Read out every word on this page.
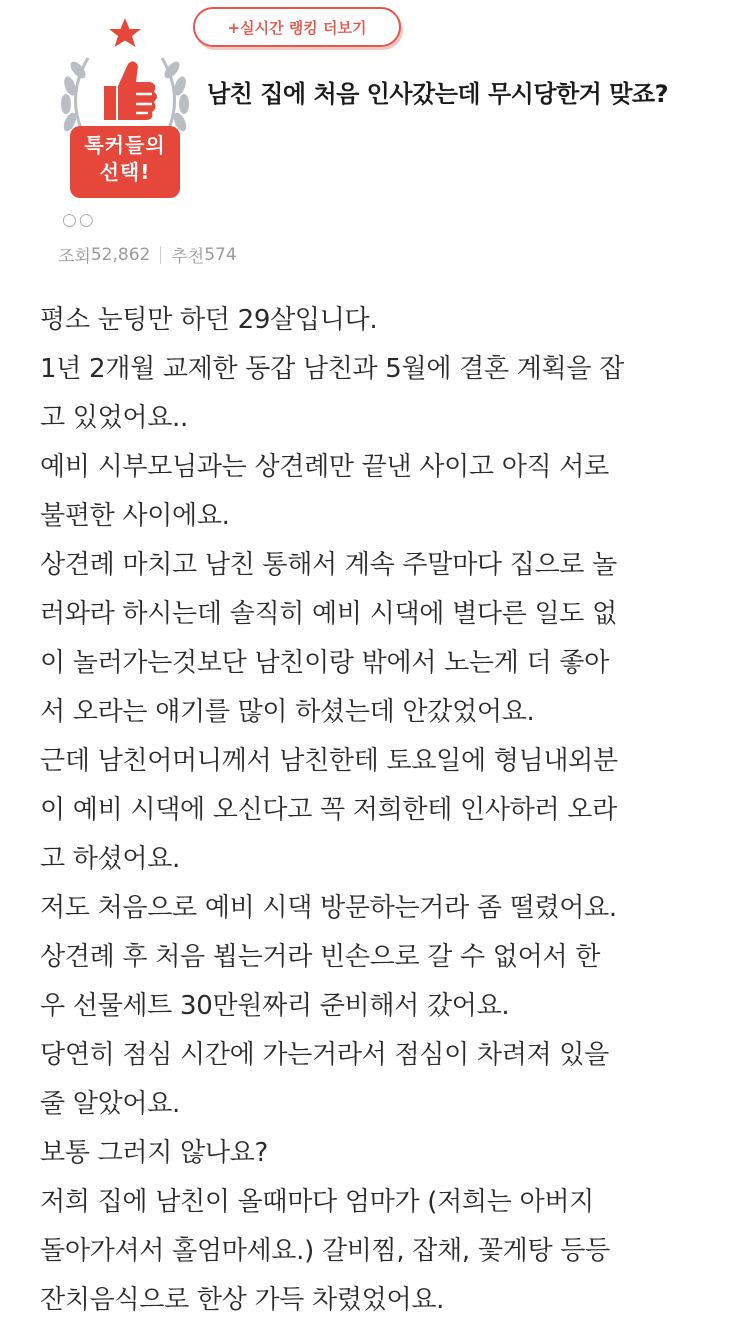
톡커들의
선택!
+실시간 랭킹 더보기
남친 집에 처음 인사갔는데 무시당한거 맞죠?
○○
조회 52,862 추천 574
평소 눈팅만 하던 29살입니다.
1년 2개월 교제한 동갑 남친과 5월에 결혼 계획을 잡
고 있었어요..
예비 시부모님과는 상견례만 끝낸 사이고 아직 서로
불편한 사이에요.
상견례 마치고 남친 통해서 계속 주말마다 집으로 놀
러와라 하시는데 솔직히 예비 시댁에 별다른 일도 없
이 놀러가는것보단 남친이랑 밖에서 노는게 더 좋아
서 오라는 얘기를 많이 하셨는데 안갔었어요.
근데 남친어머니께서 남친한테 토요일에 형님내외분
이 예비 시댁에 오신다고 꼭 저희한테 인사하러 오라
고 하셨어요.
저도 처음으로 예비 시댁 방문하는거라 좀 떨렸어요.
상견례 후 처음 뵙는거라 빈손으로 갈 수 없어서 한
우 선물세트 30만원짜리 준비해서 갔어요.
당연히 점심 시간에 가는거라서 점심이 차려져 있을
줄 알았어요.
보통 그러지 않나요?
저희 집에 남친이 올때마다 엄마가 (저희는 아버지
돌아가셔서 홀엄마세요.) 갈비찜, 잡채, 꽃게탕 등등
잔치음식으로 한상 가득 차렸었어요.
